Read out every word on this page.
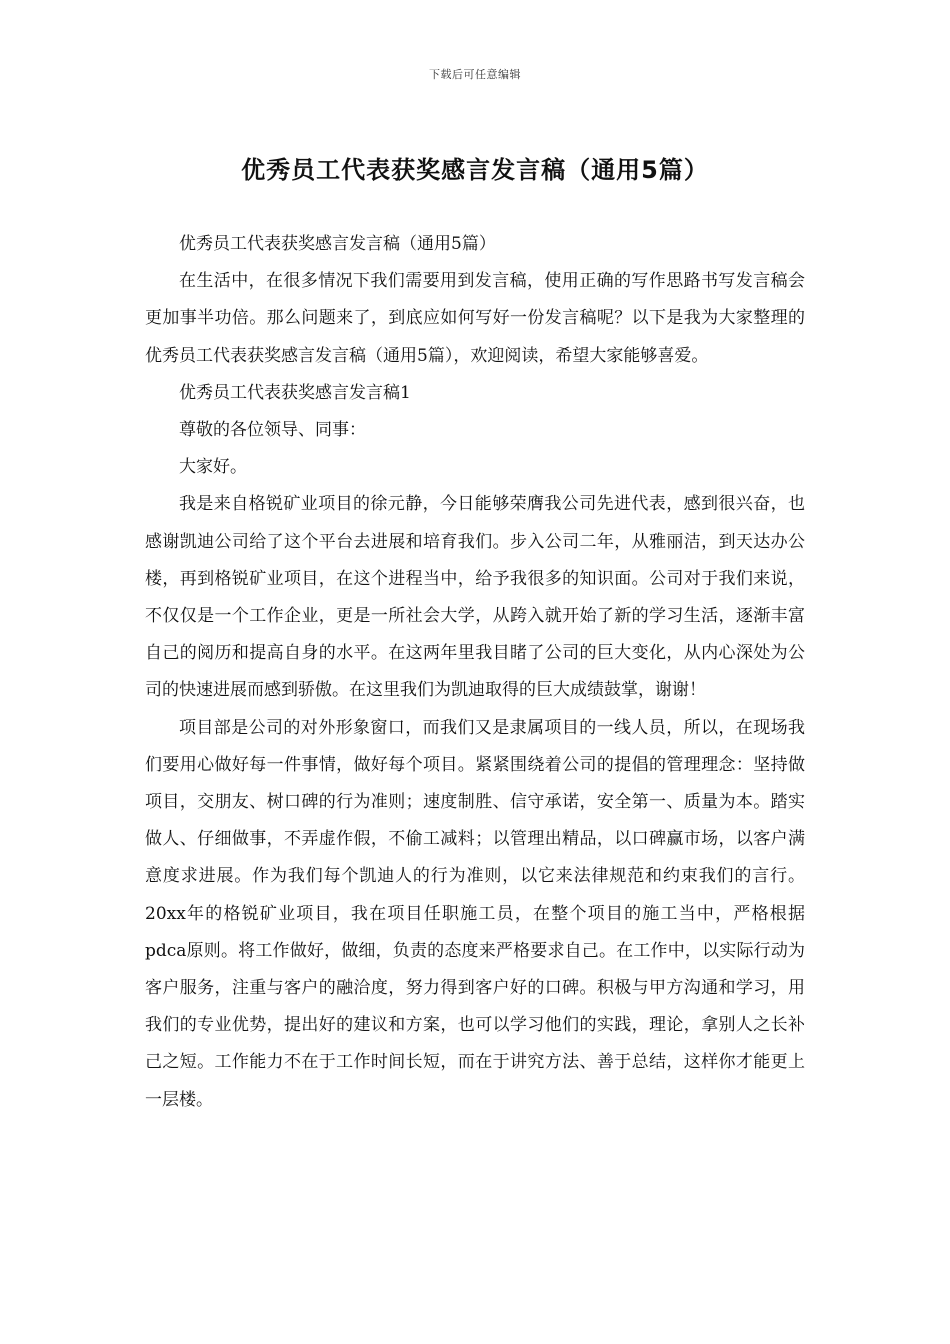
下载后可任意编辑
优秀员工代表获奖感言发言稿（通用5篇）

优秀员工代表获奖感言发言稿（通用5篇）

在生活中，在很多情况下我们需要用到发言稿，使用正确的写作思路书写发言稿会更加事半功倍。那么问题来了，到底应如何写好一份发言稿呢？以下是我为大家整理的优秀员工代表获奖感言发言稿（通用5篇），欢迎阅读，希望大家能够喜爱。

优秀员工代表获奖感言发言稿1

尊敬的各位领导、同事：

大家好。

我是来自格锐矿业项目的徐元静，今日能够荣膺我公司先进代表，感到很兴奋，也感谢凯迪公司给了这个平台去进展和培育我们。步入公司二年，从雅丽洁，到天达办公楼，再到格锐矿业项目，在这个进程当中，给予我很多的知识面。公司对于我们来说，不仅仅是一个工作企业，更是一所社会大学，从跨入就开始了新的学习生活，逐渐丰富自己的阅历和提高自身的水平。在这两年里我目睹了公司的巨大变化，从内心深处为公司的快速进展而感到骄傲。在这里我们为凯迪取得的巨大成绩鼓掌，谢谢！

项目部是公司的对外形象窗口，而我们又是隶属项目的一线人员，所以，在现场我们要用心做好每一件事情，做好每个项目。紧紧围绕着公司的提倡的管理理念：坚持做项目，交朋友、树口碑的行为准则；速度制胜、信守承诺，安全第一、质量为本。踏实做人、仔细做事，不弄虚作假，不偷工减料；以管理出精品，以口碑赢市场，以客户满意度求进展。作为我们每个凯迪人的行为准则，以它来法律规范和约束我们的言行。20xx年的格锐矿业项目，我在项目任职施工员，在整个项目的施工当中，严格根据pdca原则。将工作做好，做细，负责的态度来严格要求自己。在工作中，以实际行动为客户服务，注重与客户的融洽度，努力得到客户好的口碑。积极与甲方沟通和学习，用我们的专业优势，提出好的建议和方案，也可以学习他们的实践，理论，拿别人之长补己之短。工作能力不在于工作时间长短，而在于讲究方法、善于总结，这样你才能更上一层楼。
